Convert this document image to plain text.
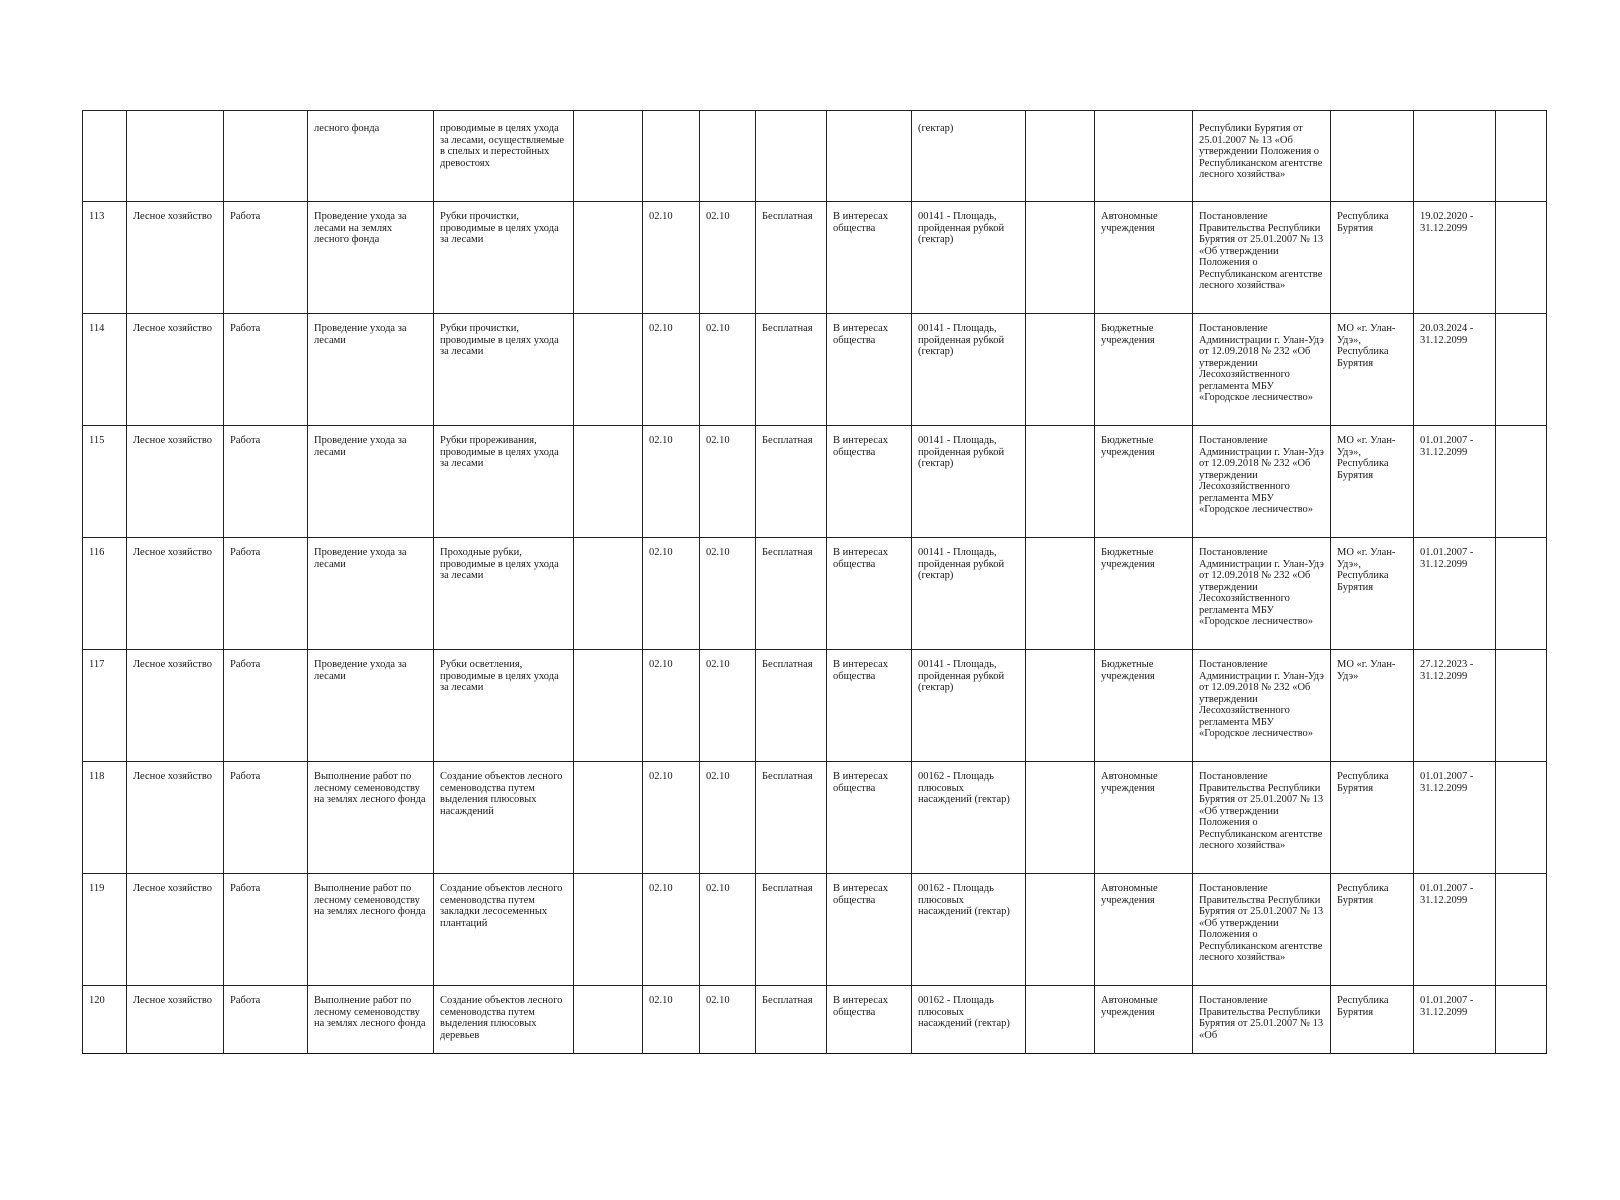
			лесного фонда	проводимые в целях ухода за лесами, осуществляемые в спелых и перестойных древостоях						(гектар)			Республики Бурятия от 25.01.2007 № 13 «Об утверждении Положения о Республиканском агентстве лесного хозяйства»			
113	Лесное хозяйство	Работа	Проведение ухода за лесами на землях лесного фонда	Рубки прочистки, проводимые в целях ухода за лесами		02.10	02.10	Бесплатная	В интересах общества	00141 - Площадь, пройденная рубкой (гектар)		Автономные учреждения	Постановление Правительства Республики Бурятия от 25.01.2007 № 13 «Об утверждении Положения о Республиканском агентстве лесного хозяйства»	Республика Бурятия	19.02.2020 - 31.12.2099	
114	Лесное хозяйство	Работа	Проведение ухода за лесами	Рубки прочистки, проводимые в целях ухода за лесами		02.10	02.10	Бесплатная	В интересах общества	00141 - Площадь, пройденная рубкой (гектар)		Бюджетные учреждения	Постановление Администрации г. Улан-Удэ от 12.09.2018 № 232 «Об утверждении Лесохозяйственного регламента МБУ «Городское лесничество»	МО «г. Улан-Удэ», Республика Бурятия	20.03.2024 - 31.12.2099	
115	Лесное хозяйство	Работа	Проведение ухода за лесами	Рубки прореживания, проводимые в целях ухода за лесами		02.10	02.10	Бесплатная	В интересах общества	00141 - Площадь, пройденная рубкой (гектар)		Бюджетные учреждения	Постановление Администрации г. Улан-Удэ от 12.09.2018 № 232 «Об утверждении Лесохозяйственного регламента МБУ «Городское лесничество»	МО «г. Улан-Удэ», Республика Бурятия	01.01.2007 - 31.12.2099	
116	Лесное хозяйство	Работа	Проведение ухода за лесами	Проходные рубки, проводимые в целях ухода за лесами		02.10	02.10	Бесплатная	В интересах общества	00141 - Площадь, пройденная рубкой (гектар)		Бюджетные учреждения	Постановление Администрации г. Улан-Удэ от 12.09.2018 № 232 «Об утверждении Лесохозяйственного регламента МБУ «Городское лесничество»	МО «г. Улан-Удэ», Республика Бурятия	01.01.2007 - 31.12.2099	
117	Лесное хозяйство	Работа	Проведение ухода за лесами	Рубки осветления, проводимые в целях ухода за лесами		02.10	02.10	Бесплатная	В интересах общества	00141 - Площадь, пройденная рубкой (гектар)		Бюджетные учреждения	Постановление Администрации г. Улан-Удэ от 12.09.2018 № 232 «Об утверждении Лесохозяйственного регламента МБУ «Городское лесничество»	МО «г. Улан-Удэ»	27.12.2023 - 31.12.2099	
118	Лесное хозяйство	Работа	Выполнение работ по лесному семеноводству на землях лесного фонда	Создание объектов лесного семеноводства путем выделения плюсовых насаждений		02.10	02.10	Бесплатная	В интересах общества	00162 - Площадь плюсовых насаждений (гектар)		Автономные учреждения	Постановление Правительства Республики Бурятия от 25.01.2007 № 13 «Об утверждении Положения о Республиканском агентстве лесного хозяйства»	Республика Бурятия	01.01.2007 - 31.12.2099	
119	Лесное хозяйство	Работа	Выполнение работ по лесному семеноводству на землях лесного фонда	Создание объектов лесного семеноводства путем закладки лесосеменных плантаций		02.10	02.10	Бесплатная	В интересах общества	00162 - Площадь плюсовых насаждений (гектар)		Автономные учреждения	Постановление Правительства Республики Бурятия от 25.01.2007 № 13 «Об утверждении Положения о Республиканском агентстве лесного хозяйства»	Республика Бурятия	01.01.2007 - 31.12.2099	
120	Лесное хозяйство	Работа	Выполнение работ по лесному семеноводству на землях лесного фонда	Создание объектов лесного семеноводства путем выделения плюсовых деревьев		02.10	02.10	Бесплатная	В интересах общества	00162 - Площадь плюсовых насаждений (гектар)		Автономные учреждения	Постановление Правительства Республики Бурятия от 25.01.2007 № 13 «Об	Республика Бурятия	01.01.2007 - 31.12.2099	
